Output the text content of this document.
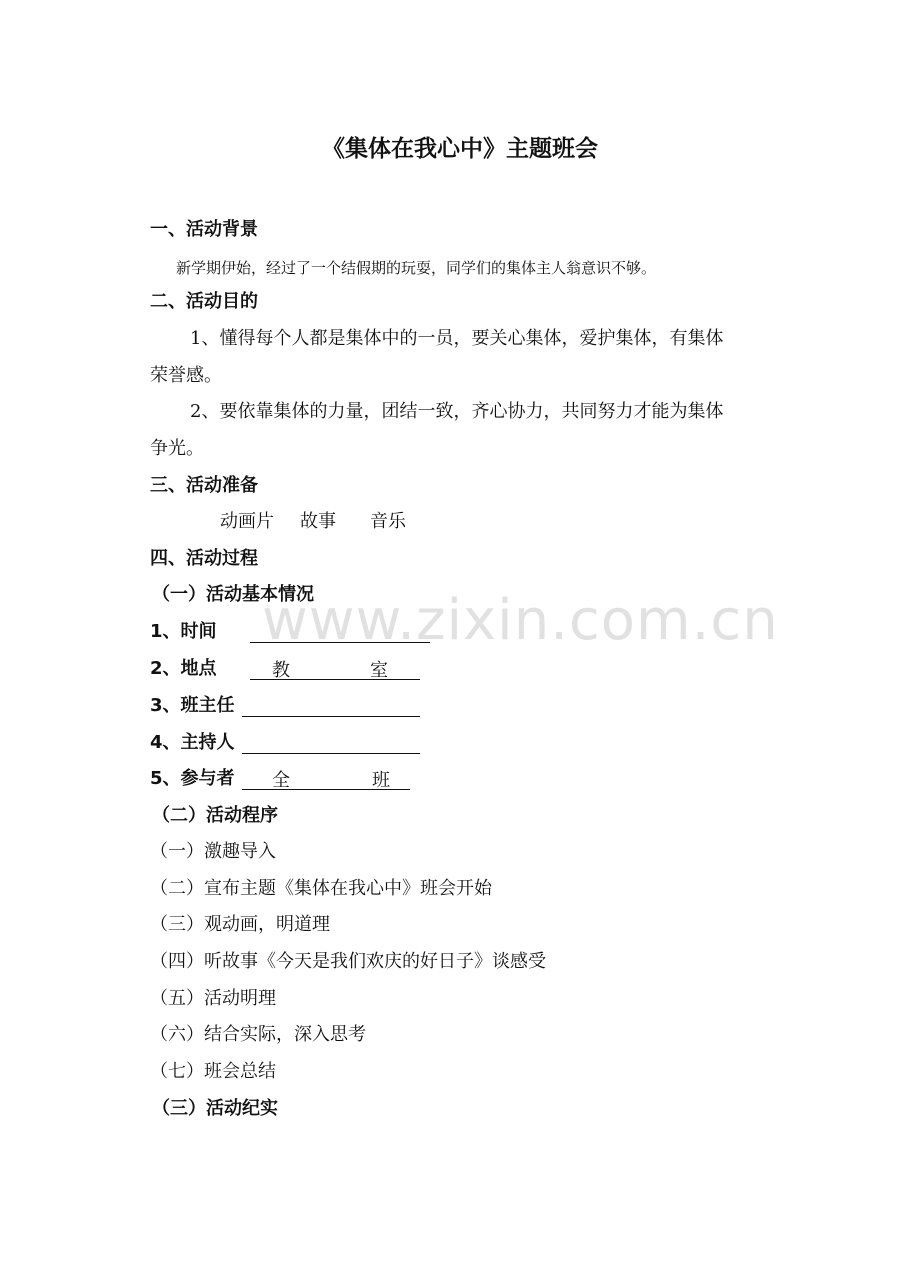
www.zixin.com.cn
《集体在我心中》主题班会
一、活动背景
新学期伊始，经过了一个结假期的玩耍，同学们的集体主人翁意识不够。
二、活动目的
1、懂得每个人都是集体中的一员，要关心集体，爱护集体，有集体
荣誉感。
2、要依靠集体的力量，团结一致，齐心协力，共同努力才能为集体
争光。
三、活动准备
动画片 故事 音乐
四、活动过程
（一）活动基本情况
1、时间
2、地点	教	室
3、班主任
4、主持人
5、参与者 全	班
（二）活动程序
（一）激趣导入
（二）宣布主题《集体在我心中》班会开始
（三）观动画，明道理
（四）听故事《今天是我们欢庆的好日子》谈感受
（五）活动明理
（六）结合实际，深入思考
（七）班会总结
（三）活动纪实
